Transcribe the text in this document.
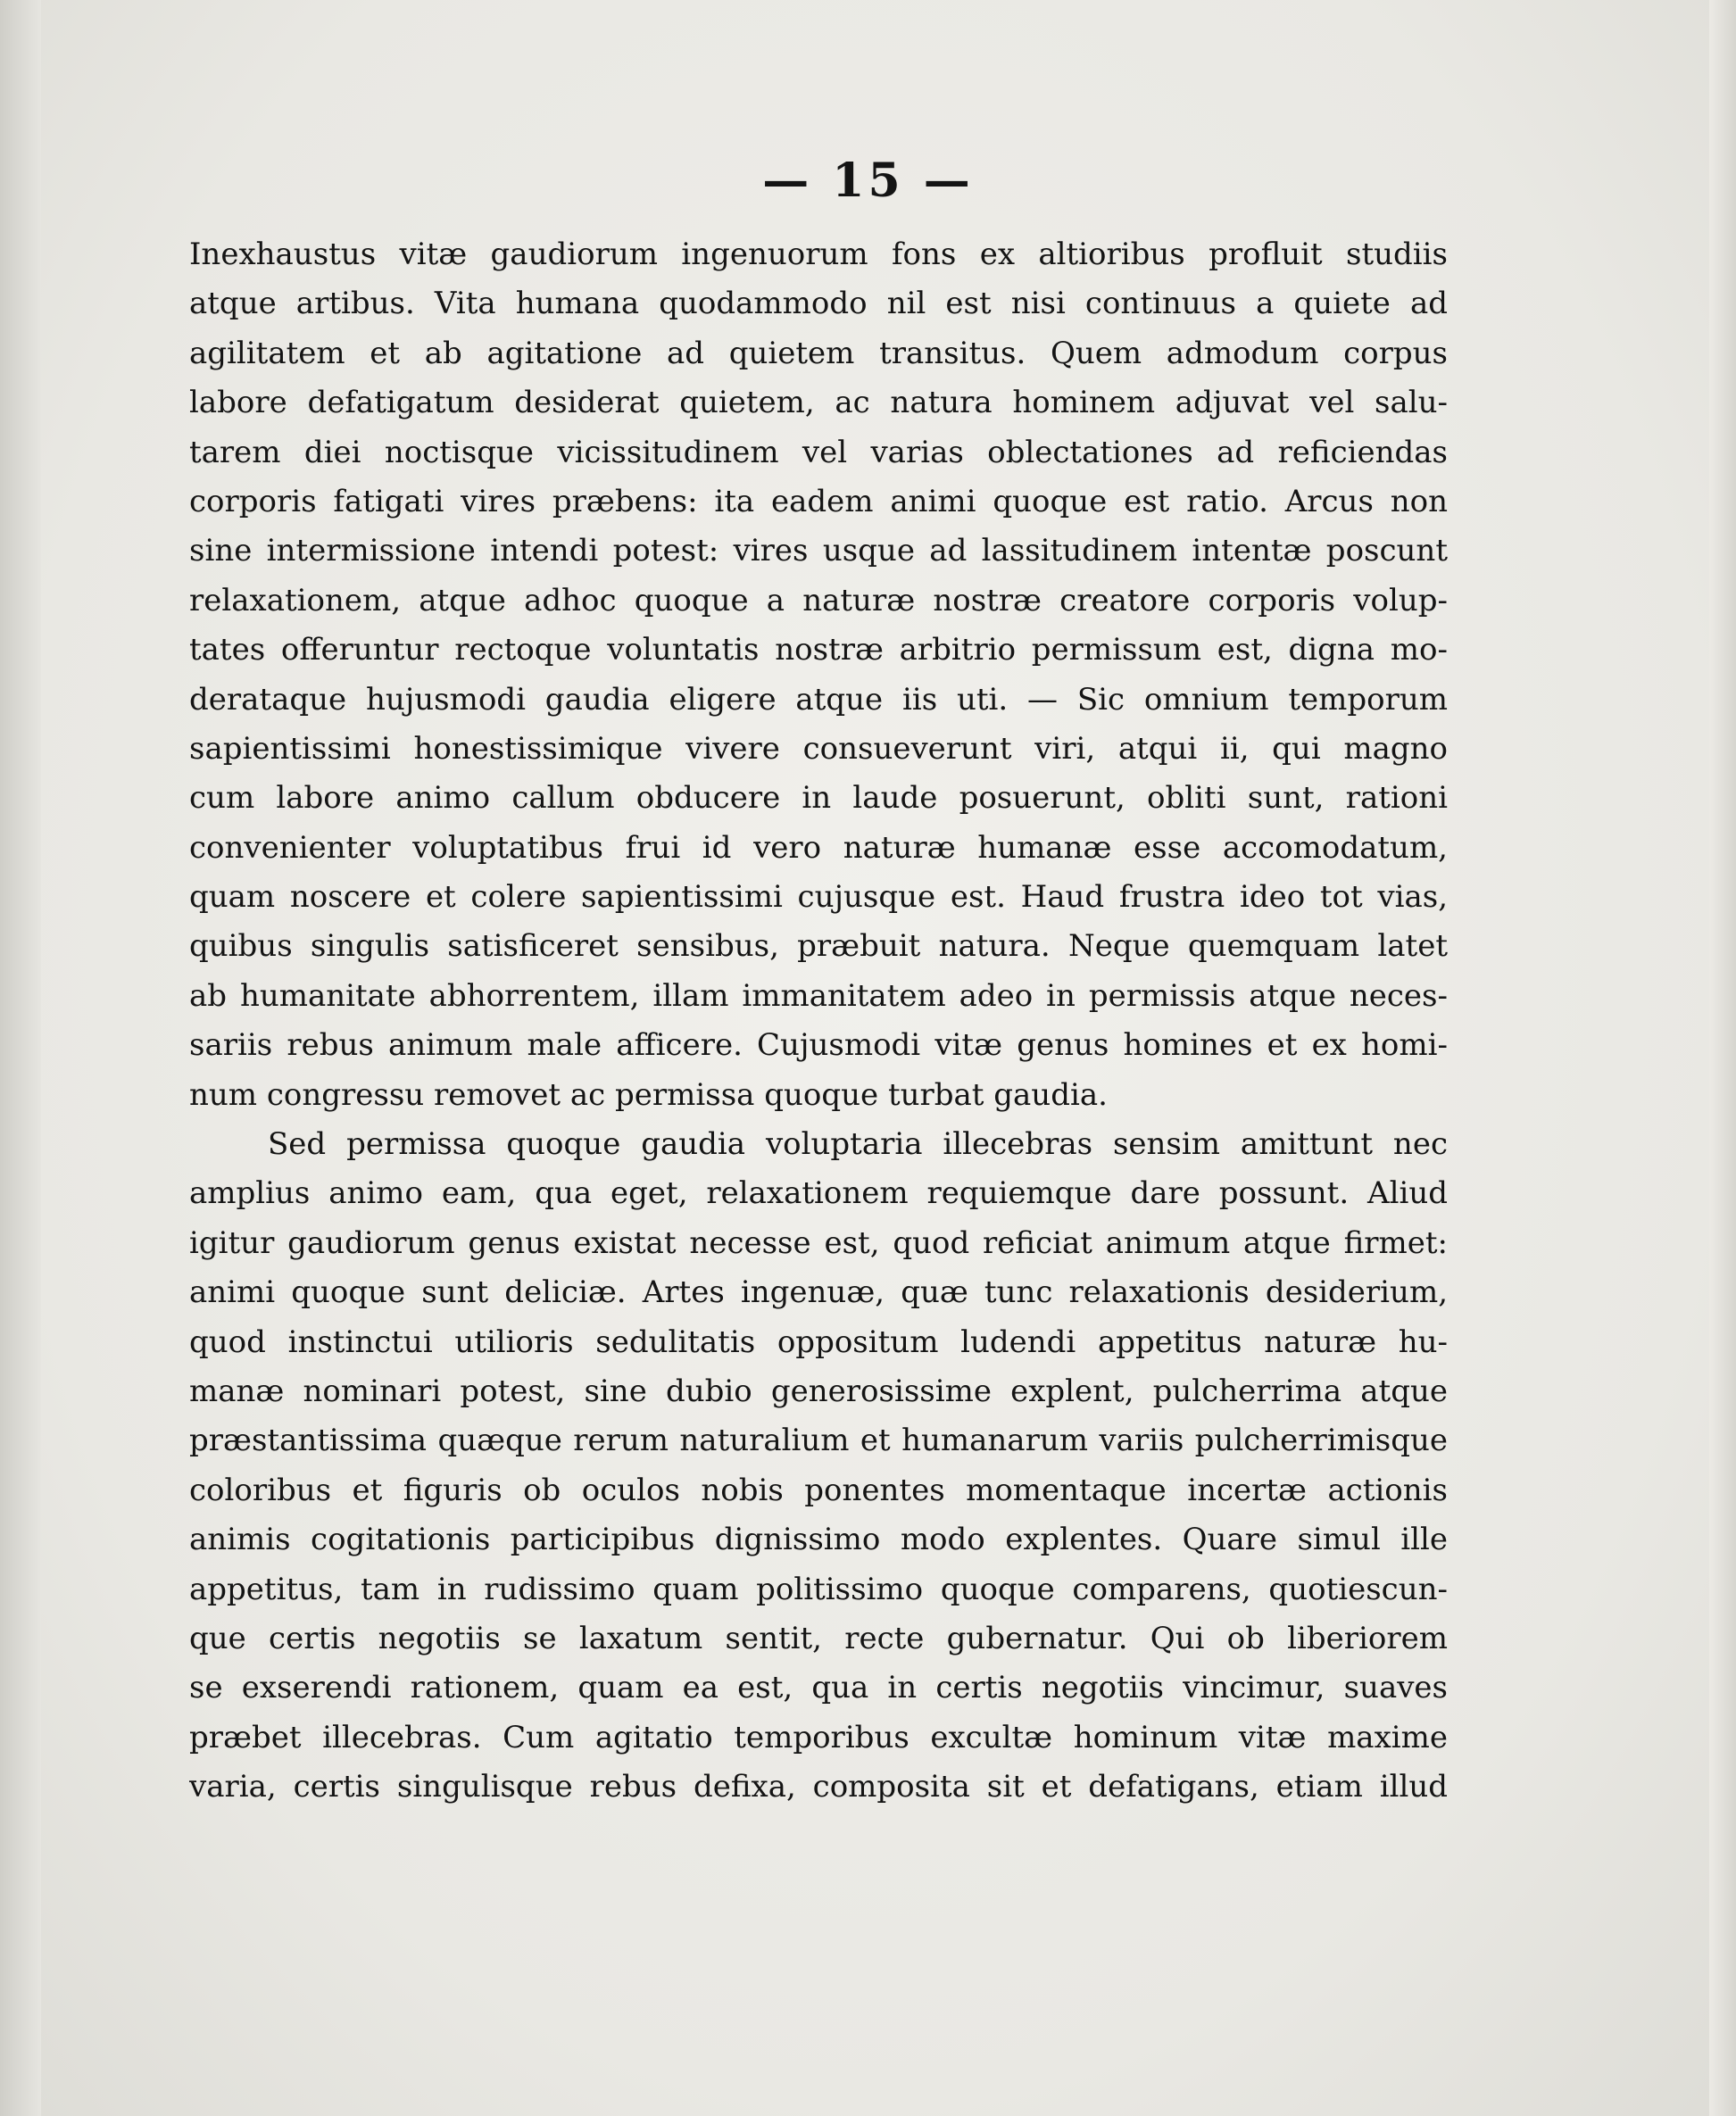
— 15 —

Inexhaustus vitæ gaudiorum ingenuorum fons ex altioribus profluit studiis
atque artibus. Vita humana quodammodo nil est nisi continuus a quiete ad
agilitatem et ab agitatione ad quietem transitus. Quem admodum corpus
labore defatigatum desiderat quietem, ac natura hominem adjuvat vel salu-
tarem diei noctisque vicissitudinem vel varias oblectationes ad reficiendas
corporis fatigati vires præbens: ita eadem animi quoque est ratio. Arcus non
sine intermissione intendi potest: vires usque ad lassitudinem intentæ poscunt
relaxationem, atque adhoc quoque a naturæ nostræ creatore corporis volup-
tates offeruntur rectoque voluntatis nostræ arbitrio permissum est, digna mo-
derataque hujusmodi gaudia eligere atque iis uti. — Sic omnium temporum
sapientissimi honestissimique vivere consueverunt viri, atqui ii, qui magno
cum labore animo callum obducere in laude posuerunt, obliti sunt, rationi
convenienter voluptatibus frui id vero naturæ humanæ esse accomodatum,
quam noscere et colere sapientissimi cujusque est. Haud frustra ideo tot vias,
quibus singulis satisficeret sensibus, præbuit natura. Neque quemquam latet
ab humanitate abhorrentem, illam immanitatem adeo in permissis atque neces-
sariis rebus animum male afficere. Cujusmodi vitæ genus homines et ex homi-
num congressu removet ac permissa quoque turbat gaudia.

Sed permissa quoque gaudia voluptaria illecebras sensim amittunt nec
amplius animo eam, qua eget, relaxationem requiemque dare possunt. Aliud
igitur gaudiorum genus existat necesse est, quod reficiat animum atque firmet:
animi quoque sunt deliciæ. Artes ingenuæ, quæ tunc relaxationis desiderium,
quod instinctui utilioris sedulitatis oppositum ludendi appetitus naturæ hu-
manæ nominari potest, sine dubio generosissime explent, pulcherrima atque
præstantissima quæque rerum naturalium et humanarum variis pulcherrimisque
coloribus et figuris ob oculos nobis ponentes momentaque incertæ actionis
animis cogitationis participibus dignissimo modo explentes. Quare simul ille
appetitus, tam in rudissimo quam politissimo quoque comparens, quotiescun-
que certis negotiis se laxatum sentit, recte gubernatur. Qui ob liberiorem
se exserendi rationem, quam ea est, qua in certis negotiis vincimur, suaves
præbet illecebras. Cum agitatio temporibus excultæ hominum vitæ maxime
varia, certis singulisque rebus defixa, composita sit et defatigans, etiam illud
